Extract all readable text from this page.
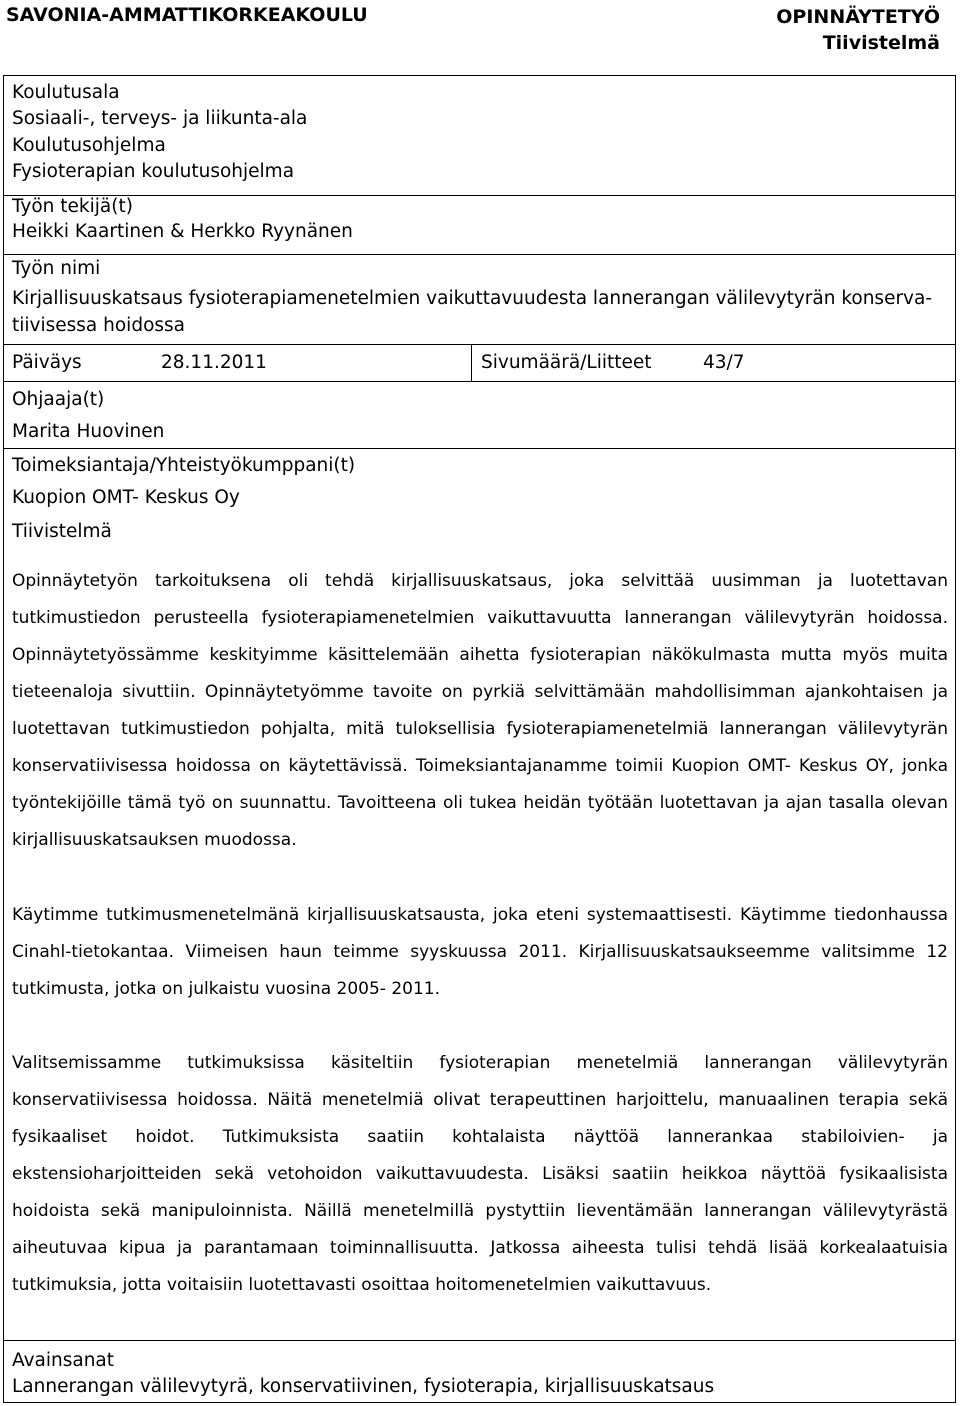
SAVONIA-AMMATTIKORKEAKOULU	OPINNÄYTETYÖ
Tiivistelmä
Koulutusala
Sosiaali-, terveys- ja liikunta-ala
Koulutusohjelma
Fysioterapian koulutusohjelma
Työn tekijä(t)
Heikki Kaartinen & Herkko Ryynänen
Työn nimi
Kirjallisuuskatsaus fysioterapiamenetelmien vaikuttavuudesta lannerangan välilevytyrän konserva-
tiivisessa hoidossa
Päiväys	28.11.2011	Sivumäärä/Liitteet	43/7
Ohjaaja(t)
Marita Huovinen
Toimeksiantaja/Yhteistyökumppani(t)
Kuopion OMT- Keskus Oy
Tiivistelmä

Opinnäytetyön tarkoituksena oli tehdä kirjallisuuskatsaus, joka selvittää uusimman ja luotettavan tutkimustiedon perusteella fysioterapiamenetelmien vaikuttavuutta lannerangan välilevytyrän hoidossa. Opinnäytetyössämme keskityimme käsittelemään aihetta fysioterapian näkökulmasta mutta myös muita tieteenaloja sivuttiin. Opinnäytetyömme tavoite on pyrkiä selvittämään mahdollisimman ajankohtaisen ja luotettavan tutkimustiedon pohjalta, mitä tuloksellisia fysioterapiamenetelmiä lannerangan välilevytyrän konservatiivisessa hoidossa on käytettävissä. Toimeksiantajanamme toimii Kuopion OMT- Keskus OY, jonka työntekijöille tämä työ on suunnattu. Tavoitteena oli tukea heidän työtään luotettavan ja ajan tasalla olevan kirjallisuuskatsauksen muodossa.

Käytimme tutkimusmenetelmänä kirjallisuuskatsausta, joka eteni systemaattisesti. Käytimme tiedonhaussa Cinahl-tietokantaa. Viimeisen haun teimme syyskuussa 2011. Kirjallisuuskatsaukseemme valitsimme 12 tutkimusta, jotka on julkaistu vuosina 2005- 2011.

Valitsemissamme tutkimuksissa käsiteltiin fysioterapian menetelmiä lannerangan välilevytyrän konservatiivisessa hoidossa. Näitä menetelmiä olivat terapeuttinen harjoittelu, manuaalinen terapia sekä fysikaaliset hoidot. Tutkimuksista saatiin kohtalaista näyttöä lannerankaa stabiloivien- ja ekstensioharjoitteiden sekä vetohoidon vaikuttavuudesta. Lisäksi saatiin heikkoa näyttöä fysikaalisista hoidoista sekä manipuloinnista. Näillä menetelmillä pystyttiin lieventämään lannerangan välilevytyrästä aiheutuvaa kipua ja parantamaan toiminnallisuutta. Jatkossa aiheesta tulisi tehdä lisää korkealaatuisia tutkimuksia, jotta voitaisiin luotettavasti osoittaa hoitomenetelmien vaikuttavuus.

Avainsanat
Lannerangan välilevytyrä, konservatiivinen, fysioterapia, kirjallisuuskatsaus
